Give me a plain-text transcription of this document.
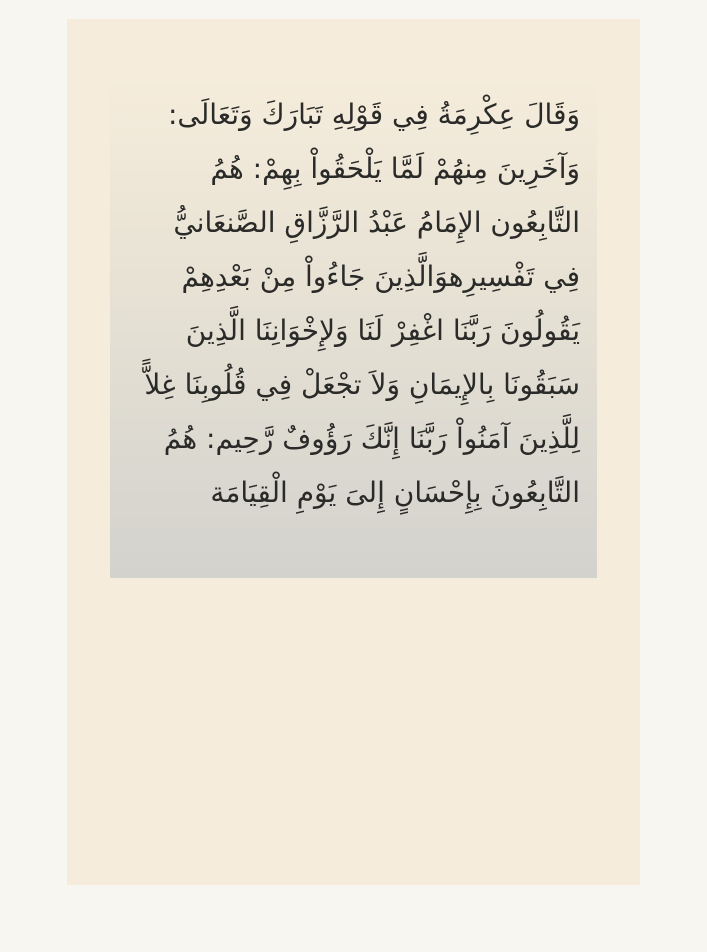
وَقَالَ عِكْرِمَةُ فِي قَوْلِهِ تَبَارَكَ وَتَعَالَى: وَآخَرِينَ مِنهُمْ لَمَّا يَلْحَقُواْ بِهِمْ: هُمُ التَّابِعُون الإِمَامُ عَبْدُ الرَّزَّاقِ الصَّنعَانيُّ فِي تَفْسِيرِهوَالَّذِينَ جَاءُواْ مِنْ بَعْدِهِمْ يَقُولُونَ رَبَّنَا اغْفِرْ لَنَا وَلإِخْوَانِنَا الَّذِينَ سَبَقُونَا بِالإِيمَانِ وَلاَ تجْعَلْ فِي قُلُوبِنَا غِلاًّ لِلَّذِينَ آمَنُواْ رَبَّنَا إِنَّكَ رَؤُوفٌ رَّحِيم: هُمُ التَّابِعُونَ بِإِحْسَانٍ إِلىَ يَوْمِ الْقِيَامَة
